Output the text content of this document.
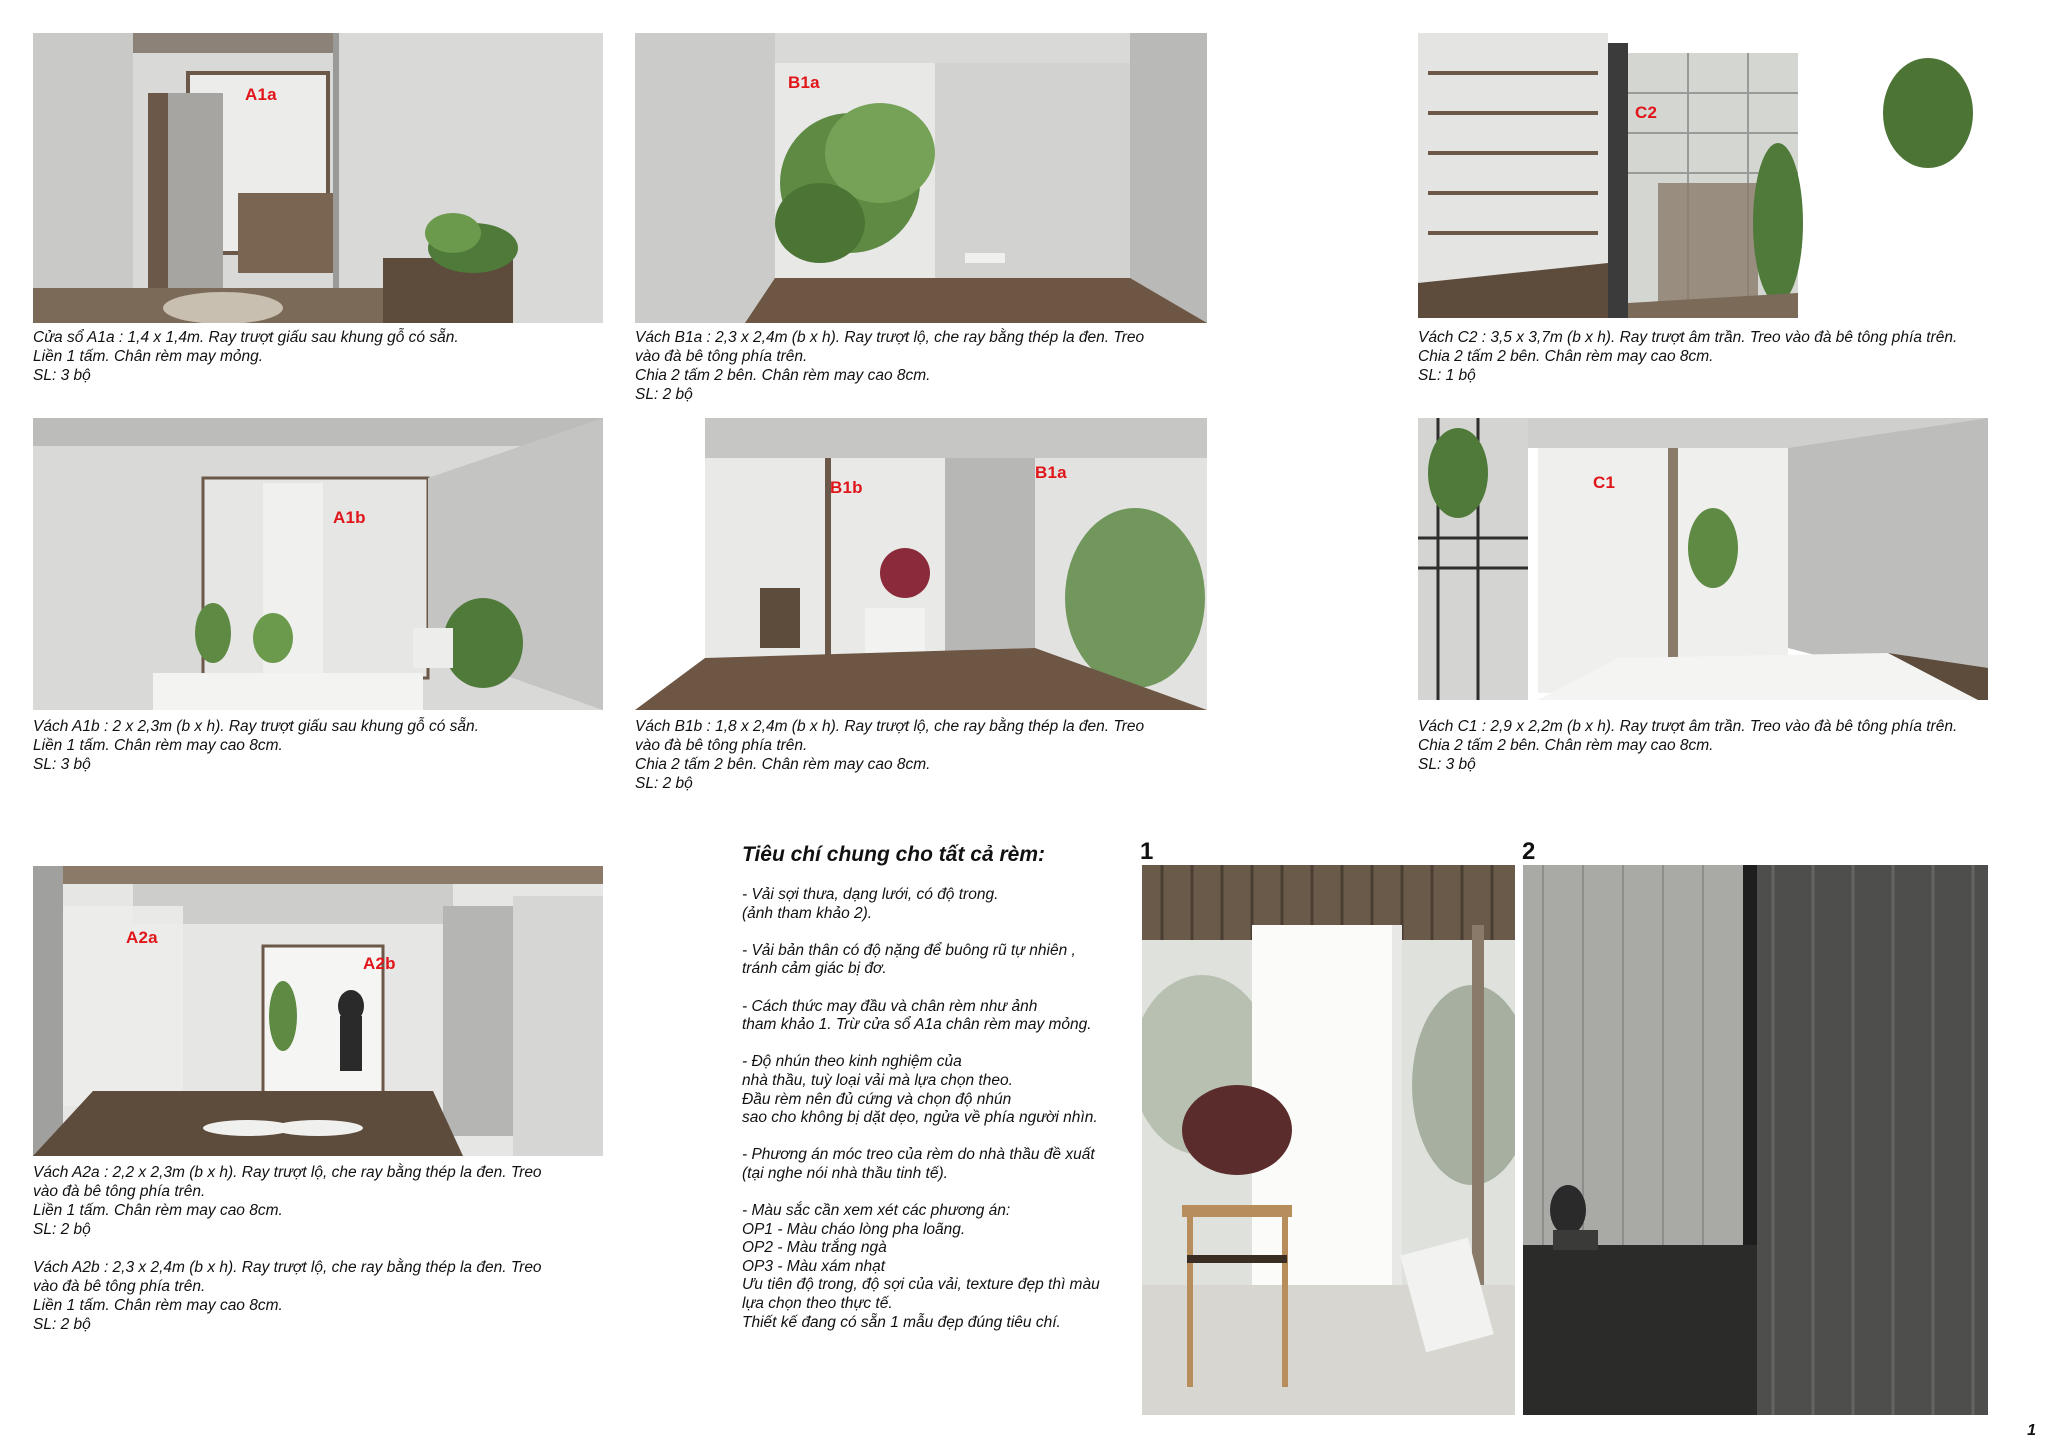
A1a
Cửa sổ A1a : 1,4 x 1,4m. Ray trượt giấu sau khung gỗ có sẵn.
Liền 1 tấm. Chân rèm may mỏng.
SL: 3 bộ
B1a
Vách B1a : 2,3 x 2,4m (b x h). Ray trượt lộ, che ray bằng thép la đen. Treo
vào đà bê tông phía trên.
Chia 2 tấm 2 bên. Chân rèm may cao 8cm.
SL: 2 bộ
C2
Vách C2 : 3,5 x 3,7m (b x h). Ray trượt âm trần. Treo vào đà bê tông phía trên.
Chia 2 tấm 2 bên. Chân rèm may cao 8cm.
SL: 1 bộ
A1b
Vách A1b : 2 x 2,3m (b x h). Ray trượt giấu sau khung gỗ có sẵn.
Liền 1 tấm. Chân rèm may cao 8cm.
SL: 3 bộ
B1b
B1a
Vách B1b : 1,8 x 2,4m (b x h). Ray trượt lộ, che ray bằng thép la đen. Treo
vào đà bê tông phía trên.
Chia 2 tấm 2 bên. Chân rèm may cao 8cm.
SL: 2 bộ
C1
Vách C1 : 2,9 x 2,2m (b x h). Ray trượt âm trần. Treo vào đà bê tông phía trên.
Chia 2 tấm 2 bên. Chân rèm may cao 8cm.
SL: 3 bộ
A2a
A2b
Vách A2a : 2,2 x 2,3m (b x h). Ray trượt lộ, che ray bằng thép la đen. Treo
vào đà bê tông phía trên.
Liền 1 tấm. Chân rèm may cao 8cm.
SL: 2 bộ

Vách A2b : 2,3 x 2,4m (b x h). Ray trượt lộ, che ray bằng thép la đen. Treo
vào đà bê tông phía trên.
Liền 1 tấm. Chân rèm may cao 8cm.
SL: 2 bộ
Tiêu chí chung cho tất cả rèm:
- Vải sợi thưa, dạng lưới, có độ trong.
(ảnh tham khảo 2).

- Vải bản thân có độ nặng để buông rũ tự nhiên ,
tránh cảm giác bị đơ.

- Cách thức may đầu và chân rèm như ảnh
tham khảo 1. Trừ cửa sổ A1a chân rèm may mỏng.

- Độ nhún theo kinh nghiệm của
nhà thầu, tuỳ loại vải mà lựa chọn theo.
Đầu rèm nên đủ cứng và chọn độ nhún
sao cho không bị dặt dẹo, ngửa về phía người nhìn.

- Phương án móc treo của rèm do nhà thầu đề xuất
(tại nghe nói nhà thầu tinh tế).

- Màu sắc cần xem xét các phương án:
OP1 - Màu cháo lòng pha loãng.
OP2 - Màu trắng ngà
OP3 - Màu xám nhạt
Ưu tiên độ trong, độ sợi của vải, texture đẹp thì màu
lựa chọn theo thực tế.
Thiết kế đang có sẵn 1 mẫu đẹp đúng tiêu chí.
1	2
1
